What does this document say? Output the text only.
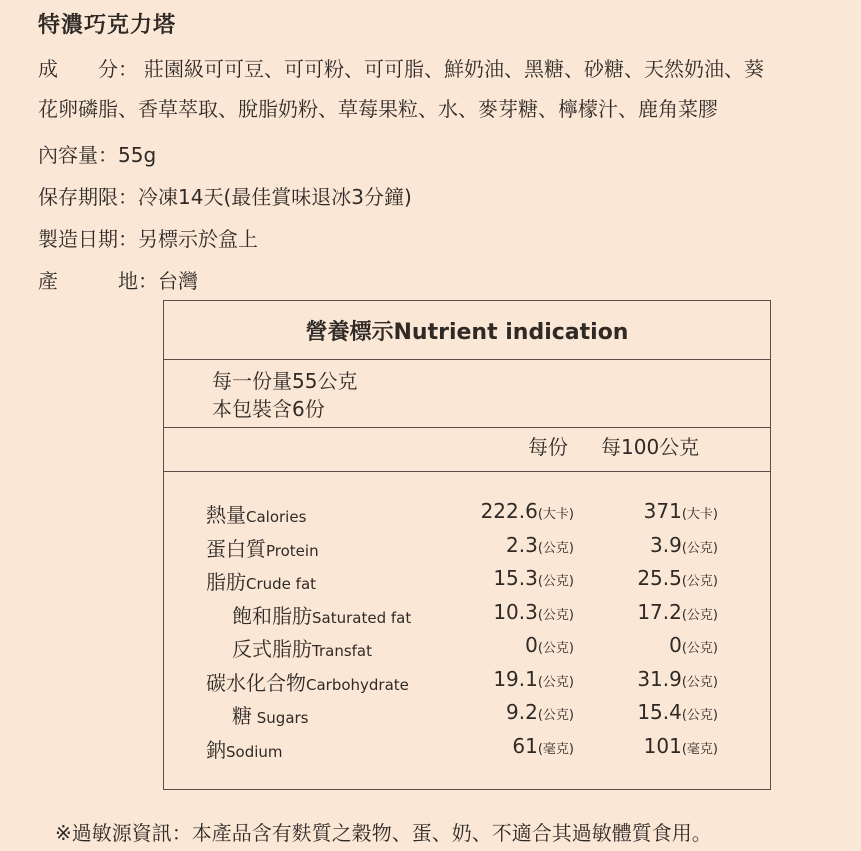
特濃巧克力塔
成　　分： 莊園級可可豆、可可粉、可可脂、鮮奶油、黑糖、砂糖、天然奶油、葵
花卵磷脂、香草萃取、脫脂奶粉、草莓果粒、水、麥芽糖、檸檬汁、鹿角菜膠
內容量：55g
保存期限：冷凍14天(最佳賞味退冰3分鐘)
製造日期：另標示於盒上
產	地：台灣
營養標示Nutrient indication
每一份量55公克
本包裝含6份
每份 每100公克
熱量Calories	222.6(大卡)	371(大卡)
蛋白質Protein	2.3(公克)	3.9(公克)
脂肪Crude fat	15.3(公克)	25.5(公克)
飽和脂肪Saturated fat	10.3(公克)	17.2(公克)
反式脂肪Transfat	0(公克)	0(公克)
碳水化合物Carbohydrate	19.1(公克)	31.9(公克)
糖 Sugars	9.2(公克)	15.4(公克)
鈉Sodium	61(毫克)	101(毫克)
※過敏源資訊：本產品含有麩質之穀物、蛋、奶、不適合其過敏體質食用。
